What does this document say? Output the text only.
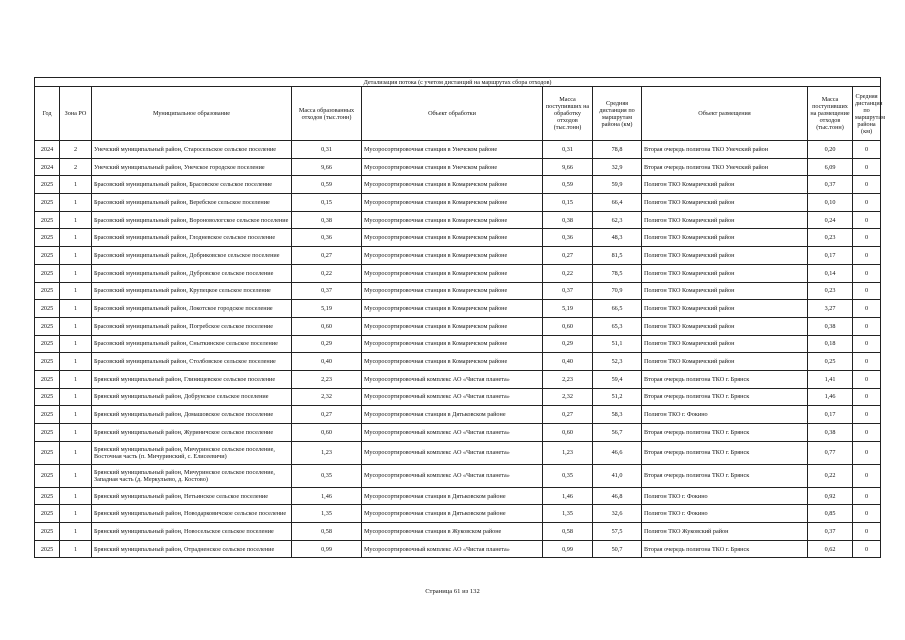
Детализация потока (с учетом дистанций на маршрутах сбора отходов)									
Год	Зона РО	Муниципальное образование	Масса образованных отходов (тыс.тонн)	Объект обработки	Масса поступивших на обработку отходов (тыс.тонн)	Средняя дистанция по маршрутам района (км)	Объект размещения	Масса поступивших на размещение отходов (тыс.тонн)	Средняя дистанция по маршрутам района (км)
2024	2	Унечский муниципальный район, Старосельское сельское поселение	0,31	Мусоросортировочная станция в Унечском районе	0,31	78,8	Вторая очередь полигона ТКО Унечский район	0,20	0
2024	2	Унечский муниципальный район, Унечское городское поселение	9,66	Мусоросортировочная станция в Унечском районе	9,66	32,9	Вторая очередь полигона ТКО Унечский район	6,09	0
2025	1	Брасовский муниципальный район, Брасовское сельское поселение	0,59	Мусоросортировочная станция в Комаричском районе	0,59	59,9	Полигон ТКО Комаричский район	0,37	0
2025	1	Брасовский муниципальный район, Веребское сельское поселение	0,15	Мусоросортировочная станция в Комаричском районе	0,15	66,4	Полигон ТКО Комаричский район	0,10	0
2025	1	Брасовский муниципальный район, Вороновологское сельское поселение	0,38	Мусоросортировочная станция в Комаричском районе	0,38	62,3	Полигон ТКО Комаричский район	0,24	0
2025	1	Брасовский муниципальный район, Глодневское сельское поселение	0,36	Мусоросортировочная станция в Комаричском районе	0,36	48,3	Полигон ТКО Комаричский район	0,23	0
2025	1	Брасовский муниципальный район, Добриковское сельское поселение	0,27	Мусоросортировочная станция в Комаричском районе	0,27	81,5	Полигон ТКО Комаричский район	0,17	0
2025	1	Брасовский муниципальный район, Дубровское сельское поселение	0,22	Мусоросортировочная станция в Комаричском районе	0,22	78,5	Полигон ТКО Комаричский район	0,14	0
2025	1	Брасовский муниципальный район, Крупецкое сельское поселение	0,37	Мусоросортировочная станция в Комаричском районе	0,37	70,9	Полигон ТКО Комаричский район	0,23	0
2025	1	Брасовский муниципальный район, Локотское городское поселение	5,19	Мусоросортировочная станция в Комаричском районе	5,19	66,5	Полигон ТКО Комаричский район	3,27	0
2025	1	Брасовский муниципальный район, Погребское сельское поселение	0,60	Мусоросортировочная станция в Комаричском районе	0,60	65,3	Полигон ТКО Комаричский район	0,38	0
2025	1	Брасовский муниципальный район, Сныткинское сельское поселение	0,29	Мусоросортировочная станция в Комаричском районе	0,29	51,1	Полигон ТКО Комаричский район	0,18	0
2025	1	Брасовский муниципальный район, Столбовское сельское поселение	0,40	Мусоросортировочная станция в Комаричском районе	0,40	52,3	Полигон ТКО Комаричский район	0,25	0
2025	1	Брянский муниципальный район, Глинищевское сельское поселение	2,23	Мусоросортировочный комплекс АО «Чистая планета»	2,23	59,4	Вторая очередь полигона ТКО г. Брянск	1,41	0
2025	1	Брянский муниципальный район, Добрунское сельское поселение	2,32	Мусоросортировочный комплекс АО «Чистая планета»	2,32	51,2	Вторая очередь полигона ТКО г. Брянск	1,46	0
2025	1	Брянский муниципальный район, Домашовское сельское поселение	0,27	Мусоросортировочная станция в Дятьковском районе	0,27	58,3	Полигон ТКО г. Фокино	0,17	0
2025	1	Брянский муниципальный район, Журиничское сельское поселение	0,60	Мусоросортировочный комплекс АО «Чистая планета»	0,60	56,7	Вторая очередь полигона ТКО г. Брянск	0,38	0
2025	1	Брянский муниципальный район, Мичуринское сельское поселение, Восточная часть (п. Мичуринский, с. Елисеевичи)	1,23	Мусоросортировочный комплекс АО «Чистая планета»	1,23	46,6	Вторая очередь полигона ТКО г. Брянск	0,77	0
2025	1	Брянский муниципальный район, Мичуринское сельское поселение, Западная часть (д. Меркульево, д. Костово)	0,35	Мусоросортировочный комплекс АО «Чистая планета»	0,35	41,0	Вторая очередь полигона ТКО г. Брянск	0,22	0
2025	1	Брянский муниципальный район, Нетьинское сельское поселение	1,46	Мусоросортировочная станция в Дятьковском районе	1,46	46,8	Полигон ТКО г. Фокино	0,92	0
2025	1	Брянский муниципальный район, Новодарковичское сельское поселение	1,35	Мусоросортировочная станция в Дятьковском районе	1,35	32,6	Полигон ТКО г. Фокино	0,85	0
2025	1	Брянский муниципальный район, Новосельское сельское поселение	0,58	Мусоросортировочная станция в Жуковском районе	0,58	57,5	Полигон ТКО Жуковский район	0,37	0
2025	1	Брянский муниципальный район, Отрадненское сельское поселение	0,99	Мусоросортировочный комплекс АО «Чистая планета»	0,99	50,7	Вторая очередь полигона ТКО г. Брянск	0,62	0
Страница 61 из 132
